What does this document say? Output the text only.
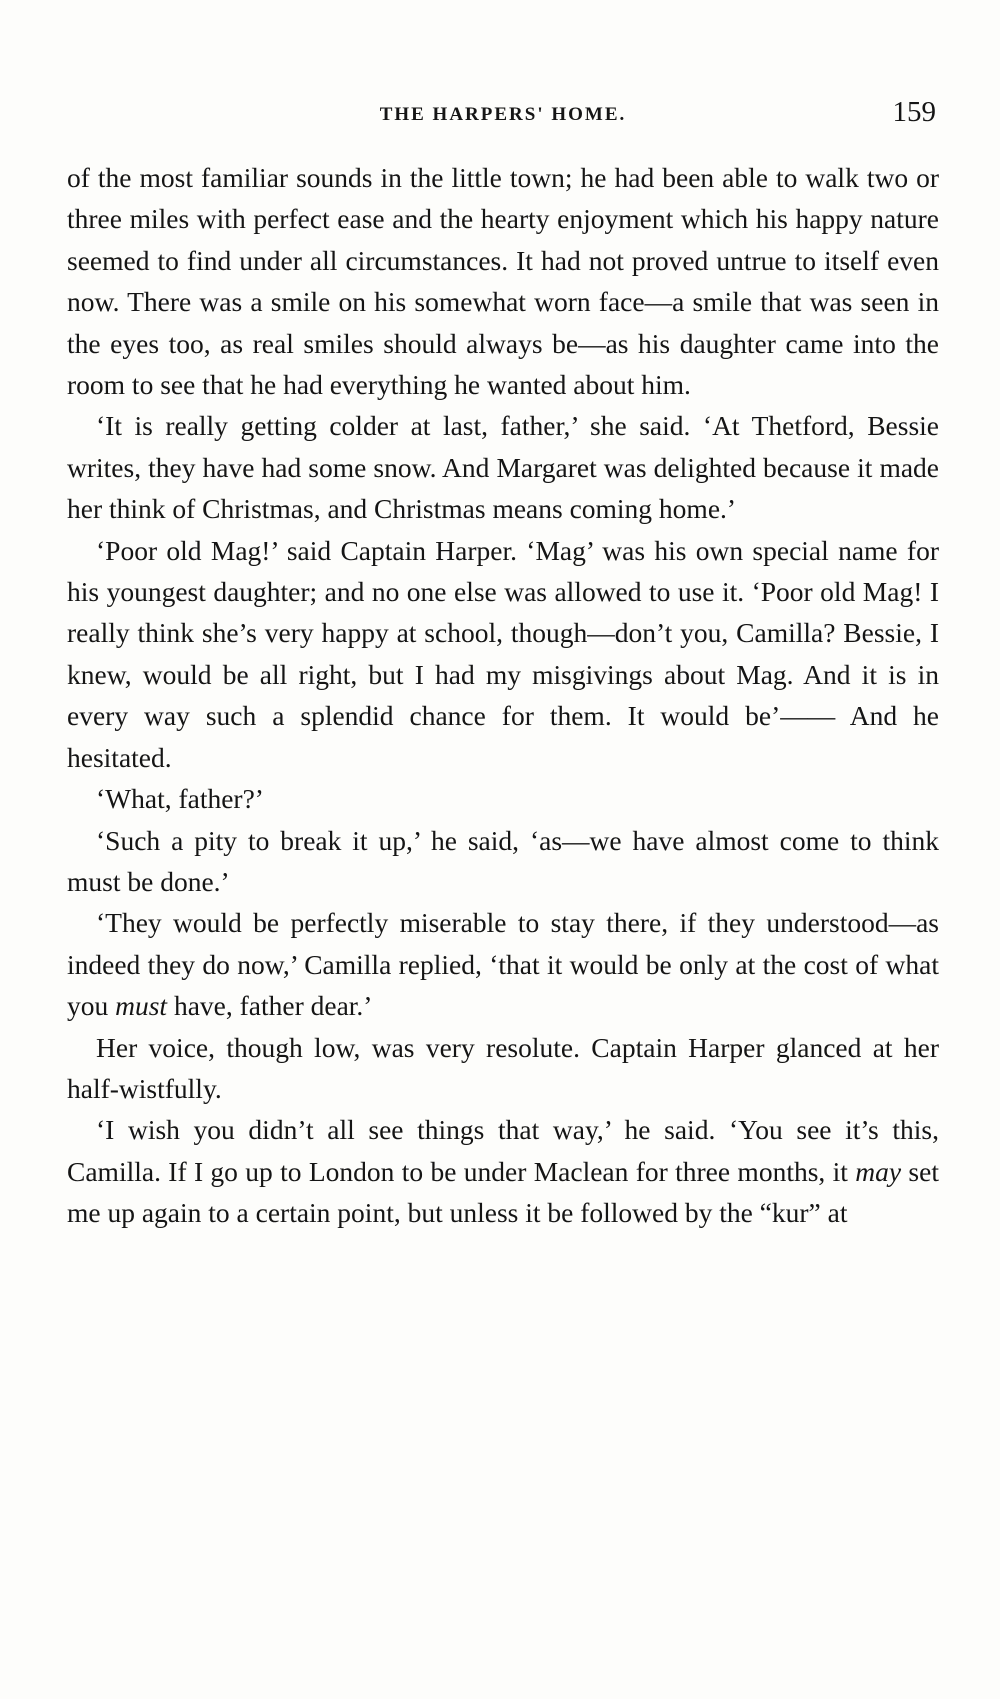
THE HARPERS' HOME.	159

of the most familiar sounds in the little town; he had been able to walk two or three miles with perfect ease and the hearty enjoyment which his happy nature seemed to find under all circumstances. It had not proved untrue to itself even now. There was a smile on his somewhat worn face—a smile that was seen in the eyes too, as real smiles should always be—as his daughter came into the room to see that he had everything he wanted about him.

‘It is really getting colder at last, father,’ she said. ‘At Thetford, Bessie writes, they have had some snow. And Margaret was delighted because it made her think of Christmas, and Christmas means coming home.’

‘Poor old Mag!’ said Captain Harper. ‘Mag’ was his own special name for his youngest daughter; and no one else was allowed to use it. ‘Poor old Mag! I really think she’s very happy at school, though—don’t you, Camilla? Bessie, I knew, would be all right, but I had my misgivings about Mag. And it is in every way such a splendid chance for them. It would be’—— And he hesitated.

‘What, father?’

‘Such a pity to break it up,’ he said, ‘as—we have almost come to think must be done.’

‘They would be perfectly miserable to stay there, if they understood—as indeed they do now,’ Camilla replied, ‘that it would be only at the cost of what you must have, father dear.’

Her voice, though low, was very resolute. Captain Harper glanced at her half-wistfully.

‘I wish you didn’t all see things that way,’ he said. ‘You see it’s this, Camilla. If I go up to London to be under Maclean for three months, it may set me up again to a certain point, but unless it be followed by the “kur” at
